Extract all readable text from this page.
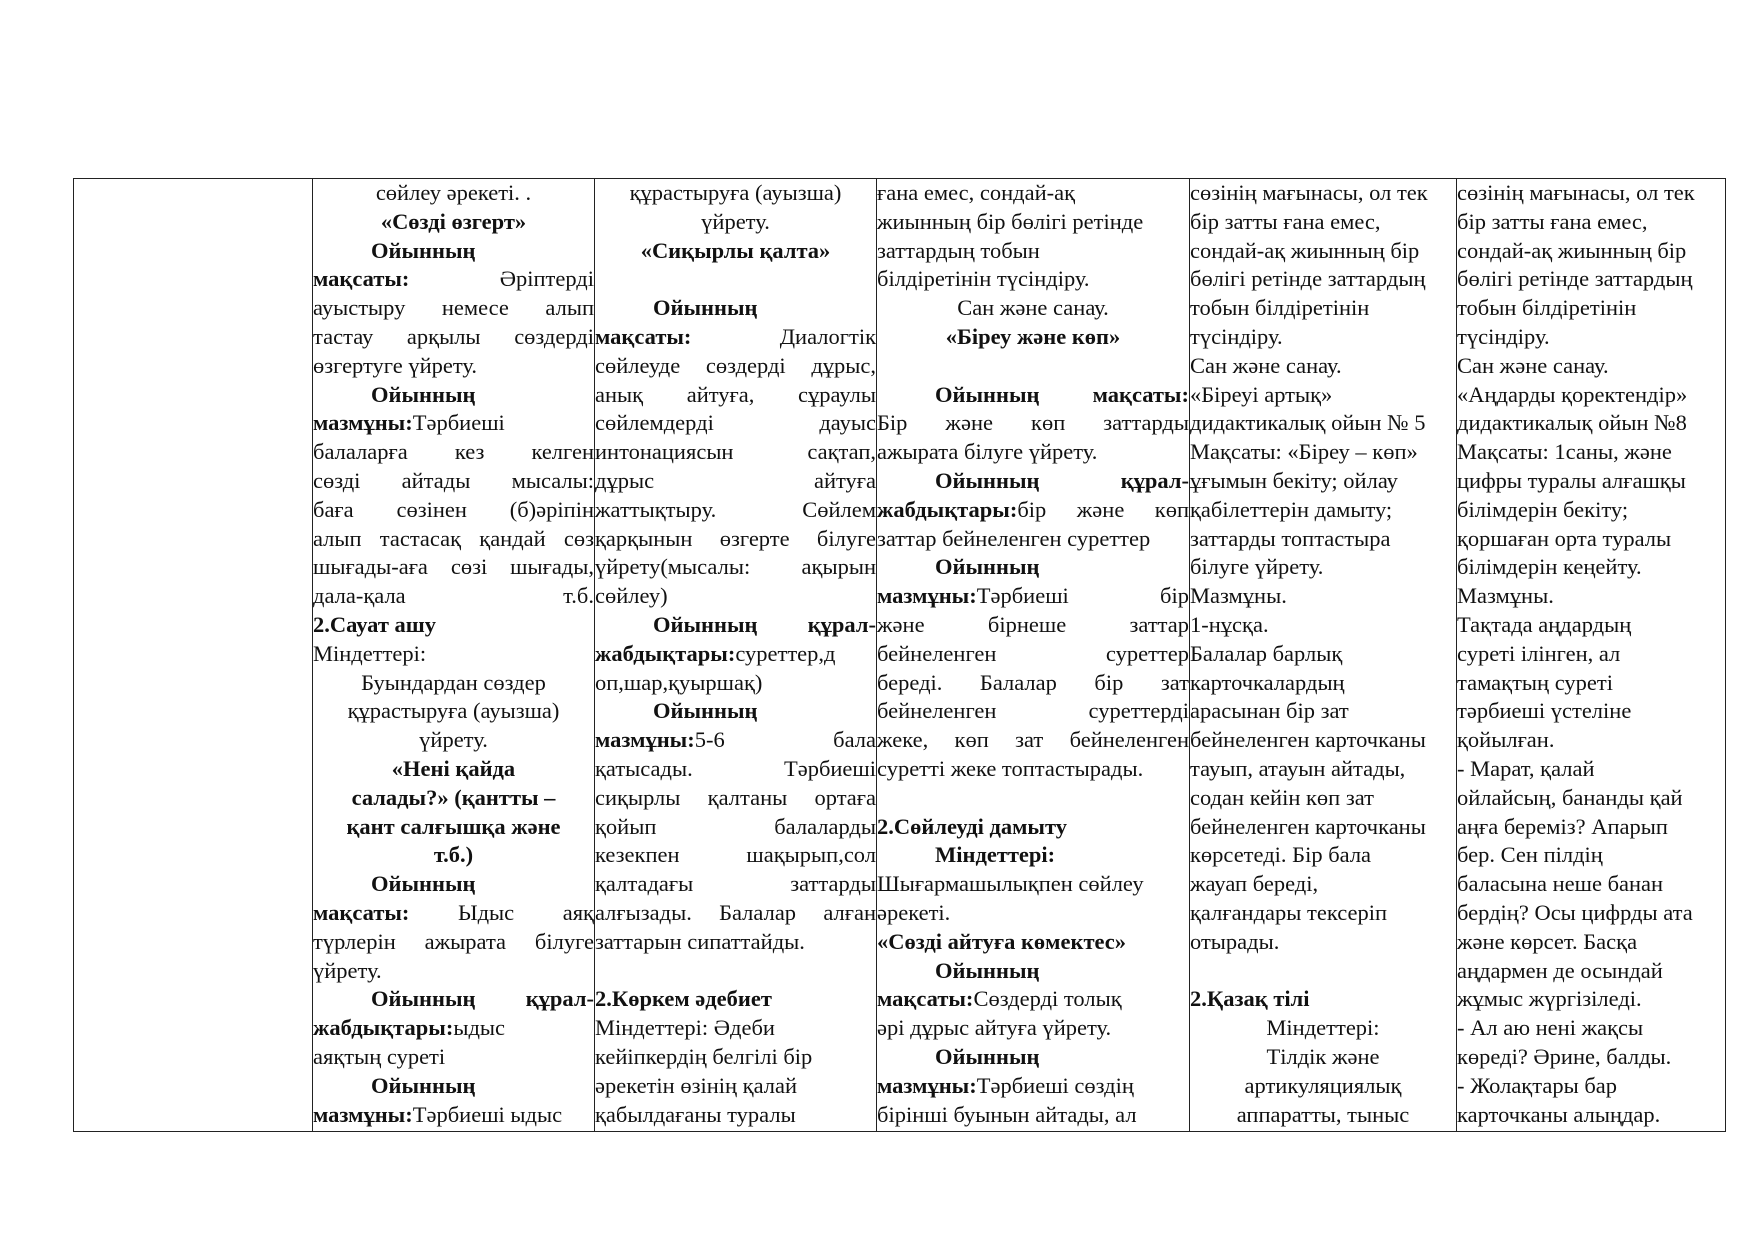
сөйлеу әрекеті. .
«Сөзді өзгерт»
Ойынның
мақсаты: Әріптерді
ауыстыру немесе алып
тастау арқылы сөздерді
өзгертуге үйрету.
Ойынның
мазмұны:Тәрбиеші
балаларға кез келген
сөзді айтады мысалы:
баға сөзінен (б)әріпін
алып тастасақ қандай сөз
шығады-аға сөзі шығады,
дала-қала т.б.
2.Сауат ашу
Міндеттері:
Буындардан сөздер
құрастыруға (ауызша)
үйрету.
«Нені қайда
салады?» (қантты –
қант салғышқа және
т.б.)
Ойынның
мақсаты: Ыдыс аяқ
түрлерін ажырата білуге
үйрету.
Ойынның құрал-
жабдықтары:ыдыс
аяқтың суреті
Ойынның
мазмұны:Тәрбиеші ыдыс
құрастыруға (ауызша)
үйрету.
«Сиқырлы қалта»
Ойынның
мақсаты: Диалогтік
сөйлеуде сөздерді дұрыс,
анық айтуға, сұраулы
сөйлемдерді дауыс
интонациясын сақтап,
дұрыс айтуға
жаттықтыру. Сөйлем
қарқынын өзгерте білуге
үйрету(мысалы: ақырын
сөйлеу)
Ойынның құрал-
жабдықтары:суреттер,д
оп,шар,қуыршақ)
Ойынның
мазмұны:5-6 бала
қатысады. Тәрбиеші
сиқырлы қалтаны ортаға
қойып балаларды
кезекпен шақырып,сол
қалтадағы заттарды
алғызады. Балалар алған
заттарын сипаттайды.
2.Көркем әдебиет
Міндеттері: Әдеби
кейіпкердің белгілі бір
әрекетін өзінің қалай
қабылдағаны туралы
ғана емес, сондай-ақ
жиынның бір бөлігі ретінде
заттардың тобын
білдіретінін түсіндіру.
Сан және санау.
«Біреу және көп»
Ойынның мақсаты:
Бір және көп заттарды
ажырата білуге үйрету.
Ойынның құрал-
жабдықтары:бір және көп
заттар бейнеленген суреттер
Ойынның
мазмұны:Тәрбиеші бір
және бірнеше заттар
бейнеленген суреттер
береді. Балалар бір зат
бейнеленген суреттерді
жеке, көп зат бейнеленген
суретті жеке топтастырады.
2.Сөйлеуді дамыту
Міндеттері:
Шығармашылықпен сөйлеу
әрекеті.
«Сөзді айтуға көмектес»
Ойынның
мақсаты:Сөздерді толық
әрі дұрыс айтуға үйрету.
Ойынның
мазмұны:Тәрбиеші сөздің
бірінші буынын айтады, ал
сөзінің мағынасы, ол тек
бір затты ғана емес,
сондай-ақ жиынның бір
бөлігі ретінде заттардың
тобын білдіретінін
түсіндіру.
Сан және санау.
«Біреуі артық»
дидактикалық ойын № 5
Мақсаты: «Біреу – көп»
ұғымын бекіту; ойлау
қабілеттерін дамыту;
заттарды топтастыра
білуге үйрету.
Мазмұны.
1-нұсқа.
Балалар барлық
карточкалардың
арасынан бір зат
бейнеленген карточканы
тауып, атауын айтады,
содан кейін көп зат
бейнеленген карточканы
көрсетеді. Бір бала
жауап береді,
қалғандары тексеріп
отырады.
2.Қазақ тілі
Міндеттері:
Тілдік және
артикуляциялық
аппаратты, тыныс
сөзінің мағынасы, ол тек
бір затты ғана емес,
сондай-ақ жиынның бір
бөлігі ретінде заттардың
тобын білдіретінін
түсіндіру.
Сан және санау.
«Аңдарды қоректендір»
дидактикалық ойын №8
Мақсаты: 1саны, және
цифры туралы алғашқы
білімдерін бекіту;
қоршаған орта туралы
білімдерін кеңейту.
Мазмұны.
Тақтада аңдардың
суреті ілінген, ал
тамақтың суреті
тәрбиеші үстеліне
қойылған.
- Марат, қалай
ойлайсың, бананды қай
аңға береміз? Апарып
бер. Сен пілдің
баласына неше банан
бердің? Осы цифрды ата
және көрсет. Басқа
аңдармен де осындай
жұмыс жүргізіледі.
- Ал аю нені жақсы
көреді? Әрине, балды.
- Жолақтары бар
карточканы алыңдар.
